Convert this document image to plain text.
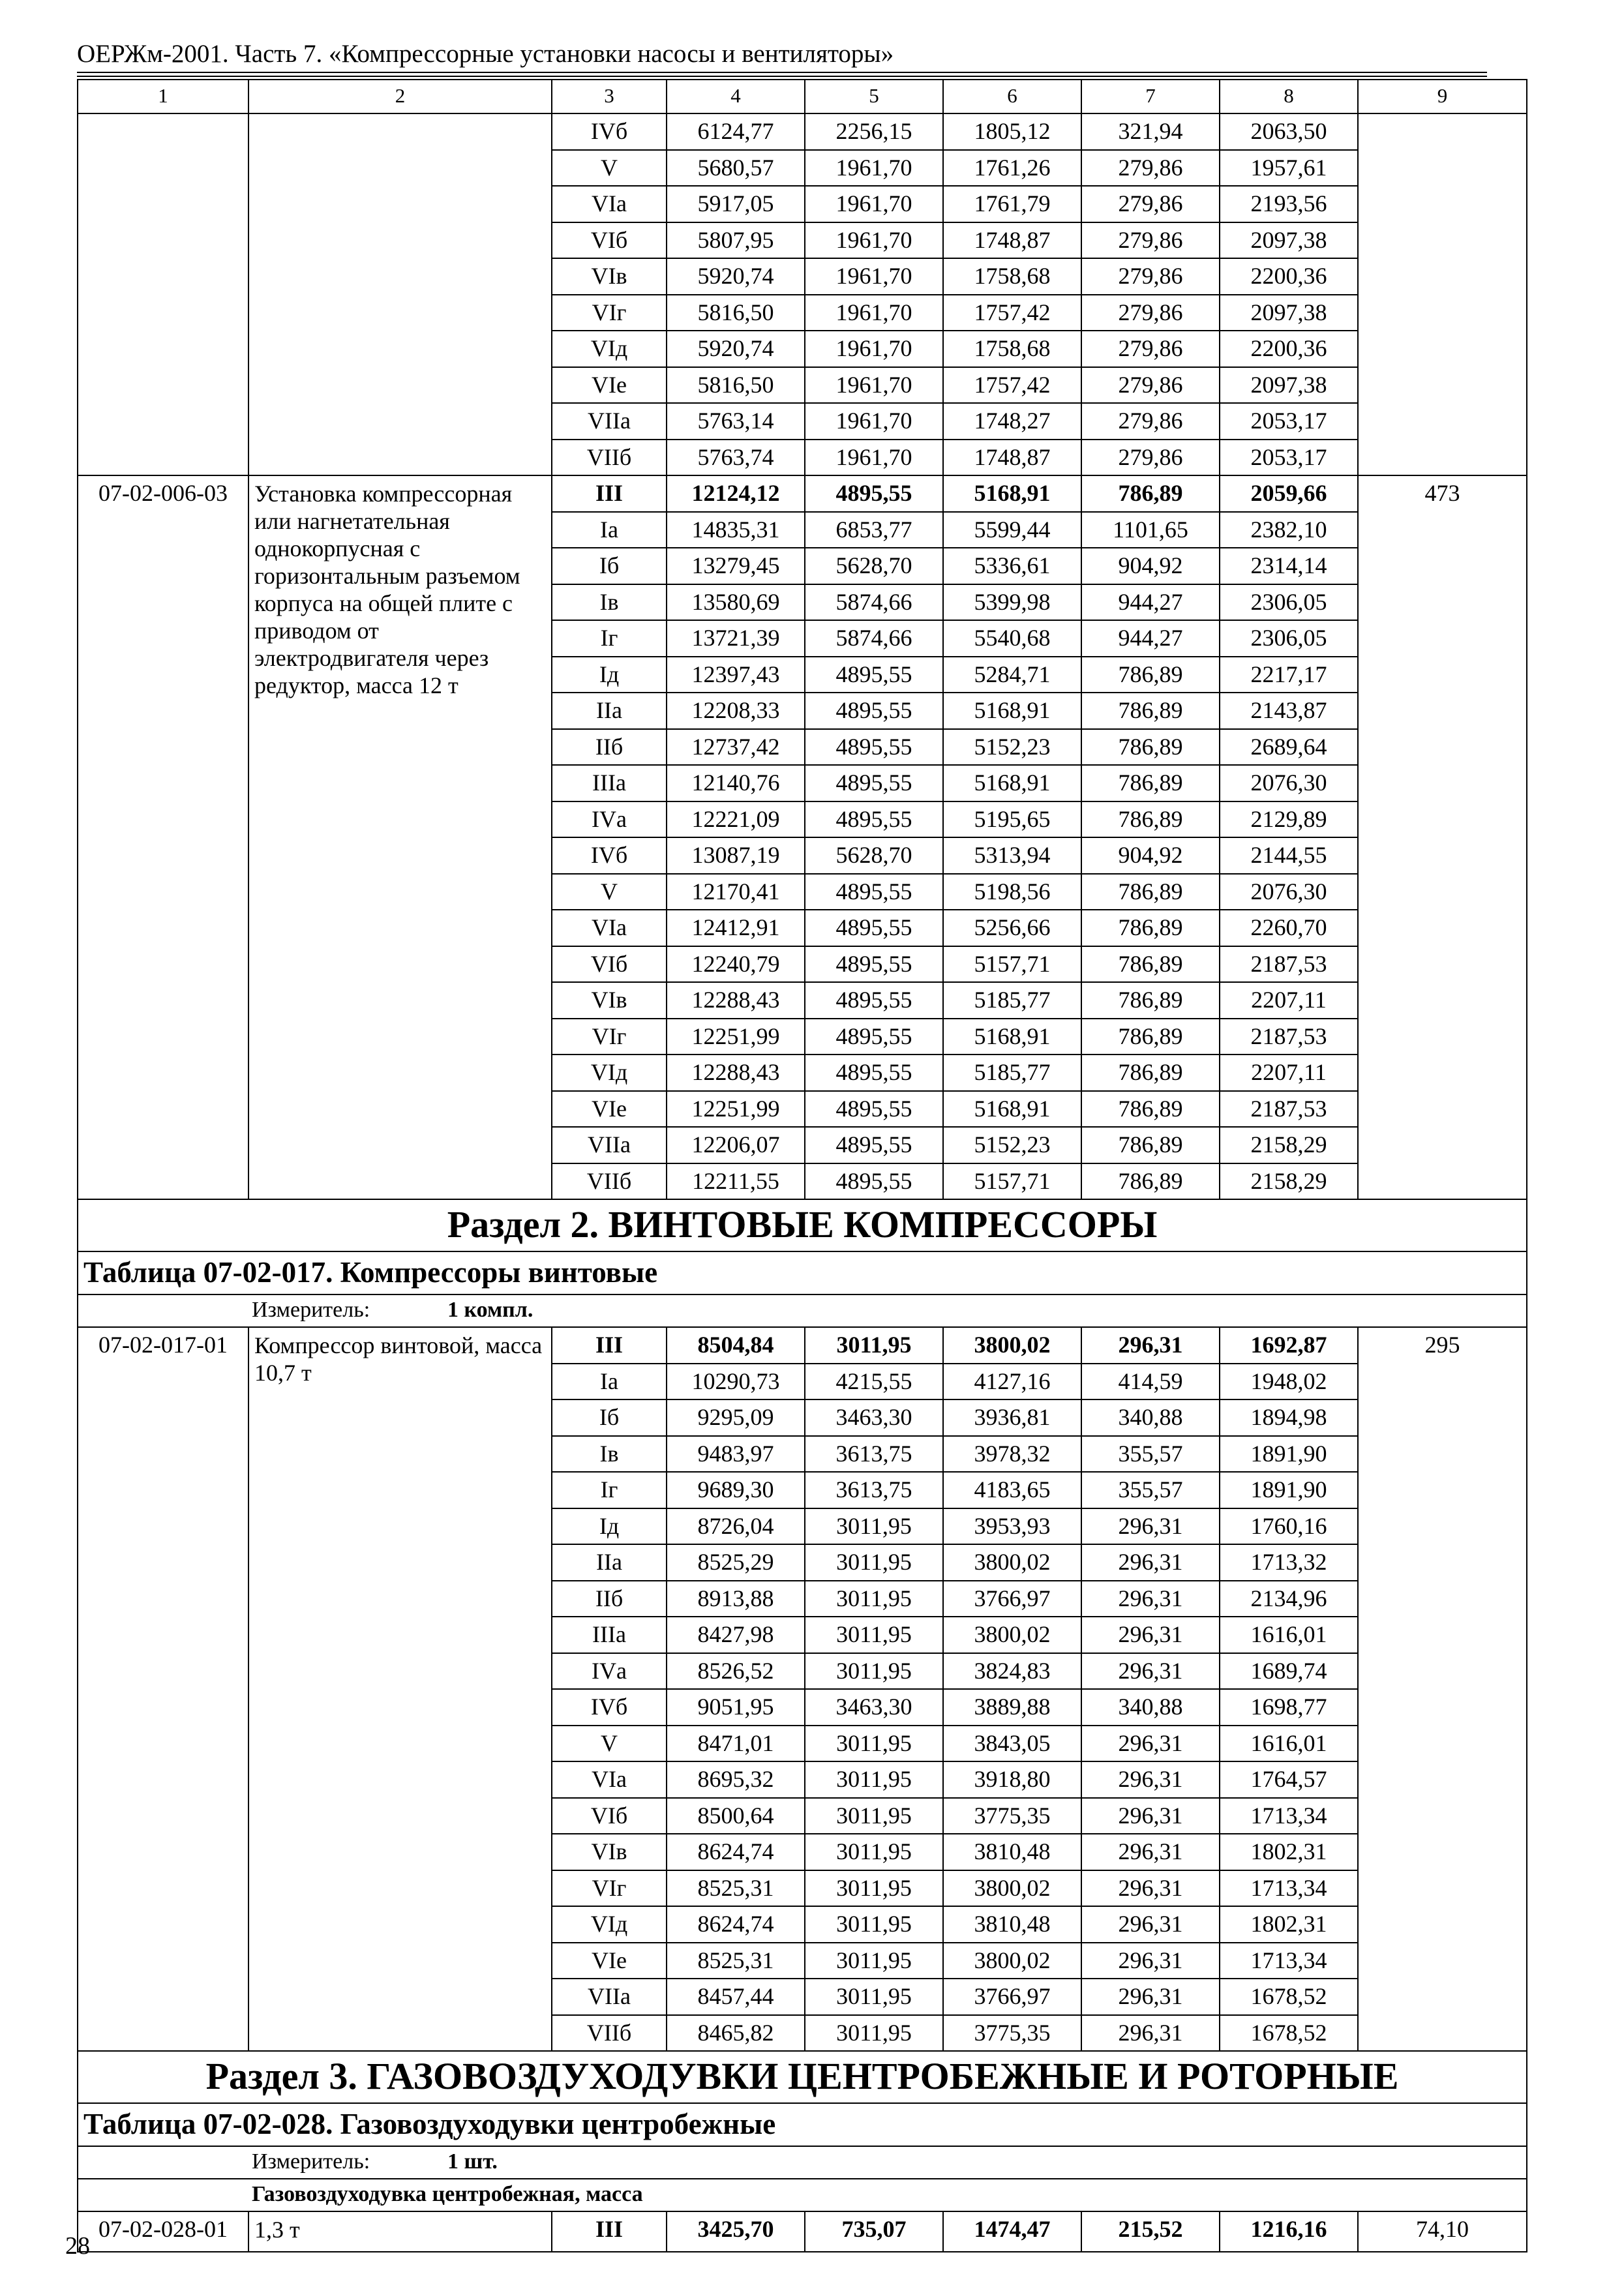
ОЕРЖм-2001. Часть 7. «Компрессорные установки насосы и вентиляторы»
1	2	3	4	5	6	7	8	9
		IVб	6124,77	2256,15	1805,12	321,94	2063,50	
		V	5680,57	1961,70	1761,26	279,86	1957,61	
		VIа	5917,05	1961,70	1761,79	279,86	2193,56	
		VIб	5807,95	1961,70	1748,87	279,86	2097,38	
		VIв	5920,74	1961,70	1758,68	279,86	2200,36	
		VIг	5816,50	1961,70	1757,42	279,86	2097,38	
		VIд	5920,74	1961,70	1758,68	279,86	2200,36	
		VIе	5816,50	1961,70	1757,42	279,86	2097,38	
		VIIа	5763,14	1961,70	1748,27	279,86	2053,17	
		VIIб	5763,74	1961,70	1748,87	279,86	2053,17	
07-02-006-03	Установка компрессорная или нагнетательная однокорпусная с горизонтальным разъемом корпуса на общей плите с приводом от электродвигателя через редуктор, масса 12 т	III	12124,12	4895,55	5168,91	786,89	2059,66	473
		Iа	14835,31	6853,77	5599,44	1101,65	2382,10	
		Iб	13279,45	5628,70	5336,61	904,92	2314,14	
		Iв	13580,69	5874,66	5399,98	944,27	2306,05	
		Iг	13721,39	5874,66	5540,68	944,27	2306,05	
		Iд	12397,43	4895,55	5284,71	786,89	2217,17	
		IIа	12208,33	4895,55	5168,91	786,89	2143,87	
		IIб	12737,42	4895,55	5152,23	786,89	2689,64	
		IIIа	12140,76	4895,55	5168,91	786,89	2076,30	
		IVа	12221,09	4895,55	5195,65	786,89	2129,89	
		IVб	13087,19	5628,70	5313,94	904,92	2144,55	
		V	12170,41	4895,55	5198,56	786,89	2076,30	
		VIа	12412,91	4895,55	5256,66	786,89	2260,70	
		VIб	12240,79	4895,55	5157,71	786,89	2187,53	
		VIв	12288,43	4895,55	5185,77	786,89	2207,11	
		VIг	12251,99	4895,55	5168,91	786,89	2187,53	
		VIд	12288,43	4895,55	5185,77	786,89	2207,11	
		VIе	12251,99	4895,55	5168,91	786,89	2187,53	
		VIIа	12206,07	4895,55	5152,23	786,89	2158,29	
		VIIб	12211,55	4895,55	5157,71	786,89	2158,29	
Раздел 2. ВИНТОВЫЕ КОМПРЕССОРЫ								
Таблица 07-02-017. Компрессоры винтовые								
Измеритель: 1 компл.								
07-02-017-01	Компрессор винтовой, масса 10,7 т	III	8504,84	3011,95	3800,02	296,31	1692,87	295
		Iа	10290,73	4215,55	4127,16	414,59	1948,02	
		Iб	9295,09	3463,30	3936,81	340,88	1894,98	
		Iв	9483,97	3613,75	3978,32	355,57	1891,90	
		Iг	9689,30	3613,75	4183,65	355,57	1891,90	
		Iд	8726,04	3011,95	3953,93	296,31	1760,16	
		IIа	8525,29	3011,95	3800,02	296,31	1713,32	
		IIб	8913,88	3011,95	3766,97	296,31	2134,96	
		IIIа	8427,98	3011,95	3800,02	296,31	1616,01	
		IVа	8526,52	3011,95	3824,83	296,31	1689,74	
		IVб	9051,95	3463,30	3889,88	340,88	1698,77	
		V	8471,01	3011,95	3843,05	296,31	1616,01	
		VIа	8695,32	3011,95	3918,80	296,31	1764,57	
		VIб	8500,64	3011,95	3775,35	296,31	1713,34	
		VIв	8624,74	3011,95	3810,48	296,31	1802,31	
		VIг	8525,31	3011,95	3800,02	296,31	1713,34	
		VIд	8624,74	3011,95	3810,48	296,31	1802,31	
		VIе	8525,31	3011,95	3800,02	296,31	1713,34	
		VIIа	8457,44	3011,95	3766,97	296,31	1678,52	
		VIIб	8465,82	3011,95	3775,35	296,31	1678,52	
Раздел 3. ГАЗОВОЗДУХОДУВКИ ЦЕНТРОБЕЖНЫЕ И РОТОРНЫЕ								
Таблица 07-02-028. Газовоздуходувки центробежные								
Измеритель: 1 шт.								
Газовоздуходувка центробежная, масса								
07-02-028-01	1,3 т	III	3425,70	735,07	1474,47	215,52	1216,16	74,10
28
